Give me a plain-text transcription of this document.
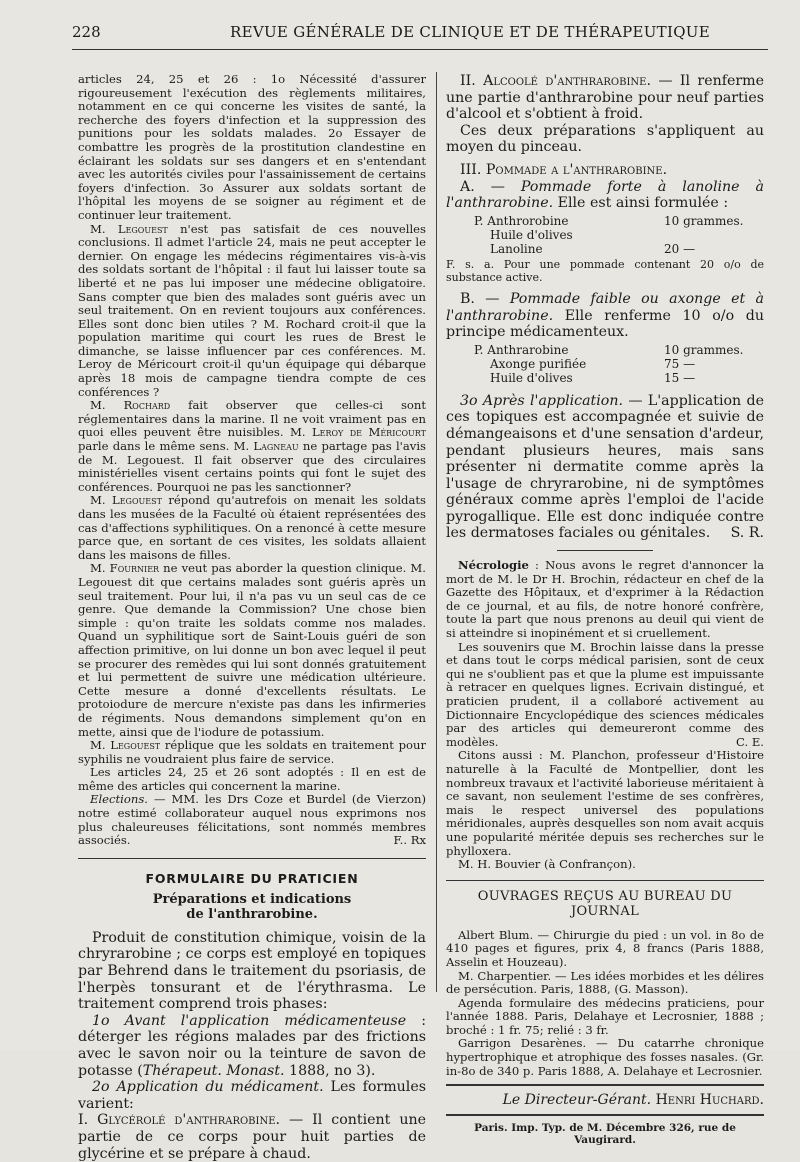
228	REVUE GÉNÉRALE DE CLINIQUE ET DE THÉRAPEUTIQUE

articles 24, 25 et 26 : 1o Nécessité d'assurer rigoureusement l'exécution des règlements militaires, notamment en ce qui concerne les visites de santé, la recherche des foyers d'infection et la suppression des punitions pour les soldats malades. 2o Essayer de combattre les progrès de la prostitution clandestine en éclairant les soldats sur ses dangers et en s'entendant avec les autorités civiles pour l'assainissement de certains foyers d'infection. 3o Assurer aux soldats sortant de l'hôpital les moyens de se soigner au régiment et de continuer leur traitement.

M. Legouest n'est pas satisfait de ces nouvelles conclusions. Il admet l'article 24, mais ne peut accepter le dernier. On engage les médecins régimentaires vis-à-vis des soldats sortant de l'hôpital : il faut lui laisser toute sa liberté et ne pas lui imposer une médecine obligatoire. Sans compter que bien des malades sont guéris avec un seul traitement. On en revient toujours aux conférences. Elles sont donc bien utiles ? M. Rochard croit-il que la population maritime qui court les rues de Brest le dimanche, se laisse influencer par ces conférences. M. Leroy de Méricourt croit-il qu'un équipage qui débarque après 18 mois de campagne tiendra compte de ces conférences ?

M. Rochard fait observer que celles-ci sont réglementaires dans la marine. Il ne voit vraiment pas en quoi elles peuvent être nuisibles. M. Leroy de Méricourt parle dans le même sens. M. Lagneau ne partage pas l'avis de M. Legouest. Il fait observer que des circulaires ministérielles visent certains points qui font le sujet des conférences. Pourquoi ne pas les sanctionner?

M. Legouest répond qu'autrefois on menait les soldats dans les musées de la Faculté où étaient représentées des cas d'affections syphilitiques. On a renoncé à cette mesure parce que, en sortant de ces visites, les soldats allaient dans les maisons de filles.

M. Fournier ne veut pas aborder la question clinique. M. Legouest dit que certains malades sont guéris après un seul traitement. Pour lui, il n'a pas vu un seul cas de ce genre. Que demande la Commission? Une chose bien simple : qu'on traite les soldats comme nos malades. Quand un syphilitique sort de Saint-Louis guéri de son affection primitive, on lui donne un bon avec lequel il peut se procurer des remèdes qui lui sont donnés gratuitement et lui permettent de suivre une médication ultérieure. Cette mesure a donné d'excellents résultats. Le protoiodure de mercure n'existe pas dans les infirmeries de régiments. Nous demandons simplement qu'on en mette, ainsi que de l'iodure de potassium.

M. Legouest réplique que les soldats en traitement pour syphilis ne voudraient plus faire de service.

Les articles 24, 25 et 26 sont adoptés : Il en est de même des articles qui concernent la marine.

Elections. — MM. les Drs Coze et Burdel (de Vierzon) notre estimé collaborateur auquel nous exprimons nos plus chaleureuses félicitations, sont nommés membres associés.	F.. Rx

FORMULAIRE DU PRATICIEN
Préparations et indications
de l'anthrarobine.

Produit de constitution chimique, voisin de la chryrarobine ; ce corps est employé en topiques par Behrend dans le traitement du psoriasis, de l'herpès tonsurant et de l'érythrasma. Le traitement comprend trois phases:

1o Avant l'application médicamenteuse : déterger les régions malades par des frictions avec le savon noir ou la teinture de savon de potasse (Thérapeut. Monast. 1888, no 3).

2o Application du médicament. Les formules varient:

I. Glycérolé d'anthrarobine. — Il contient une partie de ce corps pour huit parties de glycérine et se prépare à chaud.

II. Alcoolé d'anthrarobine. — Il renferme une partie d'anthrarobine pour neuf parties d'alcool et s'obtient à froid.

Ces deux préparations s'appliquent au moyen du pinceau.

III. Pommade a l'anthrarobine.

A. — Pommade forte à lanoline à l'anthrarobine. Elle est ainsi formulée :

P. Anthrorobine	10 grammes.
Huile d'olives	
Lanoline	20 —
F. s. a. Pour une pommade contenant 20 o/o de substance active.

B. — Pommade faible ou axonge et à l'anthrarobine. Elle renferme 10 o/o du principe médicamenteux.

P. Anthrarobine	10 grammes.
Axonge purifiée	75 —
Huile d'olives	15 —

3o Après l'application. — L'application de ces topiques est accompagnée et suivie de démangeaisons et d'une sensation d'ardeur, pendant plusieurs heures, mais sans présenter ni dermatite comme après la l'usage de chryrarobine, ni de symptômes généraux comme après l'emploi de l'acide pyrogallique. Elle est donc indiquée contre les dermatoses faciales ou génitales.	S. R.

Nécrologie : Nous avons le regret d'annoncer la mort de M. le Dr H. Brochin, rédacteur en chef de la Gazette des Hôpitaux, et d'exprimer à la Rédaction de ce journal, et au fils, de notre honoré confrère, toute la part que nous prenons au deuil qui vient de si atteindre si inopinément et si cruellement.

Les souvenirs que M. Brochin laisse dans la presse et dans tout le corps médical parisien, sont de ceux qui ne s'oublient pas et que la plume est impuissante à retracer en quelques lignes. Ecrivain distingué, et praticien prudent, il a collaboré activement au Dictionnaire Encyclopédique des sciences médicales par des articles qui demeureront comme des modèles.	C. E.

Citons aussi : M. Planchon, professeur d'Histoire naturelle à la Faculté de Montpellier, dont les nombreux travaux et l'activité laborieuse méritaient à ce savant, non seulement l'estime de ses confrères, mais le respect universel des populations méridionales, auprès desquelles son nom avait acquis une popularité méritée depuis ses recherches sur le phylloxera.

M. H. Bouvier (à Confrançon).

OUVRAGES REÇUS AU BUREAU DU JOURNAL

Albert Blum. — Chirurgie du pied : un vol. in 8o de 410 pages et figures, prix 4, 8 francs (Paris 1888, Asselin et Houzeau).

M. Charpentier. — Les idées morbides et les délires de persécution. Paris, 1888, (G. Masson).

Agenda formulaire des médecins praticiens, pour l'année 1888. Paris, Delahaye et Lecrosnier, 1888 ; broché : 1 fr. 75; relié : 3 fr.

Garrigon Desarènes. — Du catarrhe chronique hypertrophique et atrophique des fosses nasales. (Gr. in-8o de 340 p. Paris 1888, A. Delahaye et Lecrosnier.

Le Directeur-Gérant. Henri Huchard.
Paris. Imp. Typ. de M. Décembre 326, rue de Vaugirard.
